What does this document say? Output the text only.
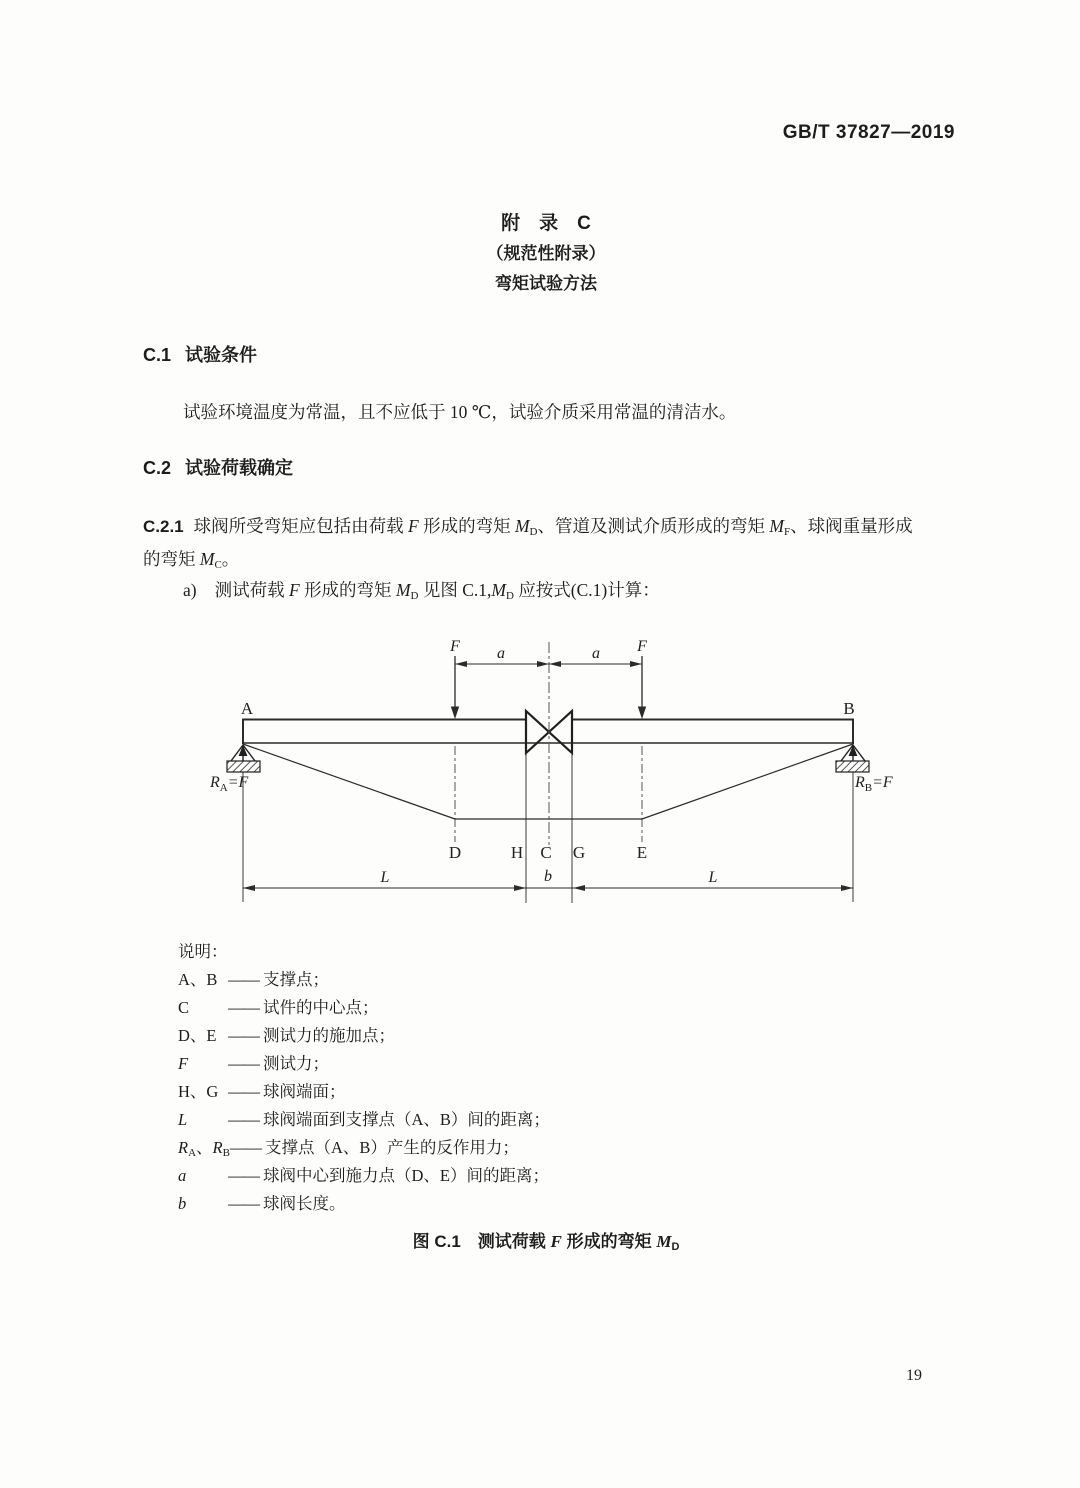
GB/T 37827—2019
附　录　C
（规范性附录）
弯矩试验方法
C.1 试验条件
试验环境温度为常温，且不应低于 10 ℃，试验介质采用常温的清洁水。
C.2 试验荷载确定
C.2.1 球阀所受弯矩应包括由荷载 F 形成的弯矩 $M_D$、管道及测试介质形成的弯矩 $M_F$、球阀重量形成
的弯矩 $M_C$。
a) 测试荷载 F 形成的弯矩 $M_D$ 见图 $C.1,M_D$ 应按式(C.1)计算：
F	F
a	a
A	B
D	H C G	E
L	b	L
$R_A=F$	$R_B=F$
说明：
A、B —— 支撑点；
C	—— 试件的中心点；
D、E —— 测试力的施加点；
F	—— 测试力；
H、G —— 球阀端面；
L	—— 球阀端面到支撑点（A、B）间的距离；
$R_A$、$R_B$ —— 支撑点（A、B）产生的反作用力；
a	—— 球阀中心到施力点（D、E）间的距离；
b	—— 球阀长度。
图 C.1　测试荷载 F 形成的弯矩 $M_D$
19
